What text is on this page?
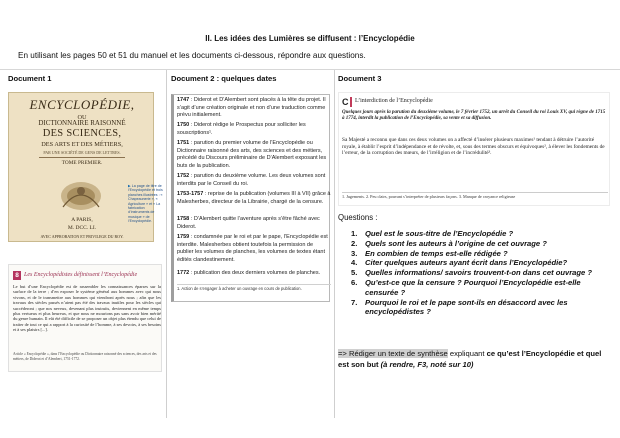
II. Les idées des Lumières se diffusent : l’Encyclopédie
En utilisant les pages 50 et 51 du manuel et les documents ci-dessous, répondre aux questions.
Document 1
ENCYCLOPÉDIE,
OU
DICTIONNAIRE RAISONNÉ
DES SCIENCES,
DES ARTS ET DES MÉTIERS,
PAR UNE SOCIÉTÉ DE GENS DE LETTRES.
TOME PREMIER.
A PARIS,
M. DCC. LI.
AVEC APPROBATION ET PRIVILEGE DU ROY.
▶ La page de titre de l’Encyclopédie et trois planches illustrées : « Chapeaunerie », « Agriculture » et « La fabrication d’instruments de musique » de l’Encyclopédie.
8 Les Encyclopédistes définissent l’Encyclopédie
Le but d’une Encyclopédie est de rassembler les connaissances éparses sur la surface de la terre ; d’en exposer le système général aux hommes avec qui nous vivons, et de le transmettre aux hommes qui viendront après nous ; afin que les travaux des siècles passés n’aient pas été des travaux inutiles pour les siècles qui succéderont ; que nos neveux, devenant plus instruits, deviennent en même temps plus vertueux et plus heureux, et que nous ne mourions pas sans avoir bien mérité du genre humain. Il eût été difficile de se proposer un objet plus étendu que celui de traiter de tout ce qui a rapport à la curiosité de l’homme, à ses devoirs, à ses besoins et à ses plaisirs [...].
Article « Encyclopédie », dans l’Encyclopédie ou Dictionnaire raisonné des sciences, des arts et des métiers, de Diderot et d’Alembert, 1751-1772.
Document 2 : quelques dates
1747 : Diderot et D’Alembert sont placés à la tête du projet. Il s’agit d’une création originale et non d’une traduction comme prévu initialement.
1750 : Diderot rédige le Prospectus pour solliciter les souscriptions¹.
1751 : parution du premier volume de l’Encyclopédie ou Dictionnaire raisonné des arts, des sciences et des métiers, précédé du Discours préliminaire de D’Alembert exposant les buts de la publication.
1752 : parution du deuxième volume. Les deux volumes sont interdits par le Conseil du roi.
1753-1757 : reprise de la publication (volumes III à VII) grâce à Malesherbes, directeur de la Librairie, chargé de la censure.
1758 : D’Alembert quitte l’aventure après s’être fâché avec Diderot.
1759 : condamnée par le roi et par le pape, l’Encyclopédie est interdite. Malesherbes obtient toutefois la permission de publier les volumes de planches, les volumes de textes étant édités clandestinement.
1772 : publication des deux derniers volumes de planches.
1. Action de s’engager à acheter un ouvrage en cours de publication.
Document 3
C L’interdiction de l’Encyclopédie
Quelques jours après la parution du deuxième volume, le 7 février 1752, un arrêt du Conseil du roi Louis XV, qui règne de 1715 à 1774, interdit la publication de l’Encyclopédie, sa vente et sa diffusion.
Sa Majesté a reconnu que dans ces deux volumes on a affecté d’insérer plusieurs maximes¹ tendant à détruire l’autorité royale, à établir l’esprit d’indépendance et de révolte, et, sous des termes obscurs et équivoques², à élever les fondements de l’erreur, de la corruption des mœurs, de l’irréligion et de l’incrédulité³.
1. Jugements. 2. Peu clairs, pouvant s’interpréter de plusieurs façons. 3. Manque de croyance religieuse
Questions :
1. Quel est le sous-titre de l’Encyclopédie ?
2. Quels sont les auteurs à l’origine de cet ouvrage ?
3. En combien de temps est-elle rédigée ?
4. Citer quelques auteurs ayant écrit dans l’Encyclopédie?
5. Quelles informations/ savoirs trouvent-t-on dans cet ouvrage ?
6. Qu’est-ce que la censure ? Pourquoi l’Encyclopédie est-elle censurée ?
7. Pourquoi le roi et le pape sont-ils en désaccord avec les encyclopédistes ?
=> Rédiger un texte de synthèse expliquant ce qu’est l’Encyclopédie et quel est son but (à rendre, F3, noté sur 10)
